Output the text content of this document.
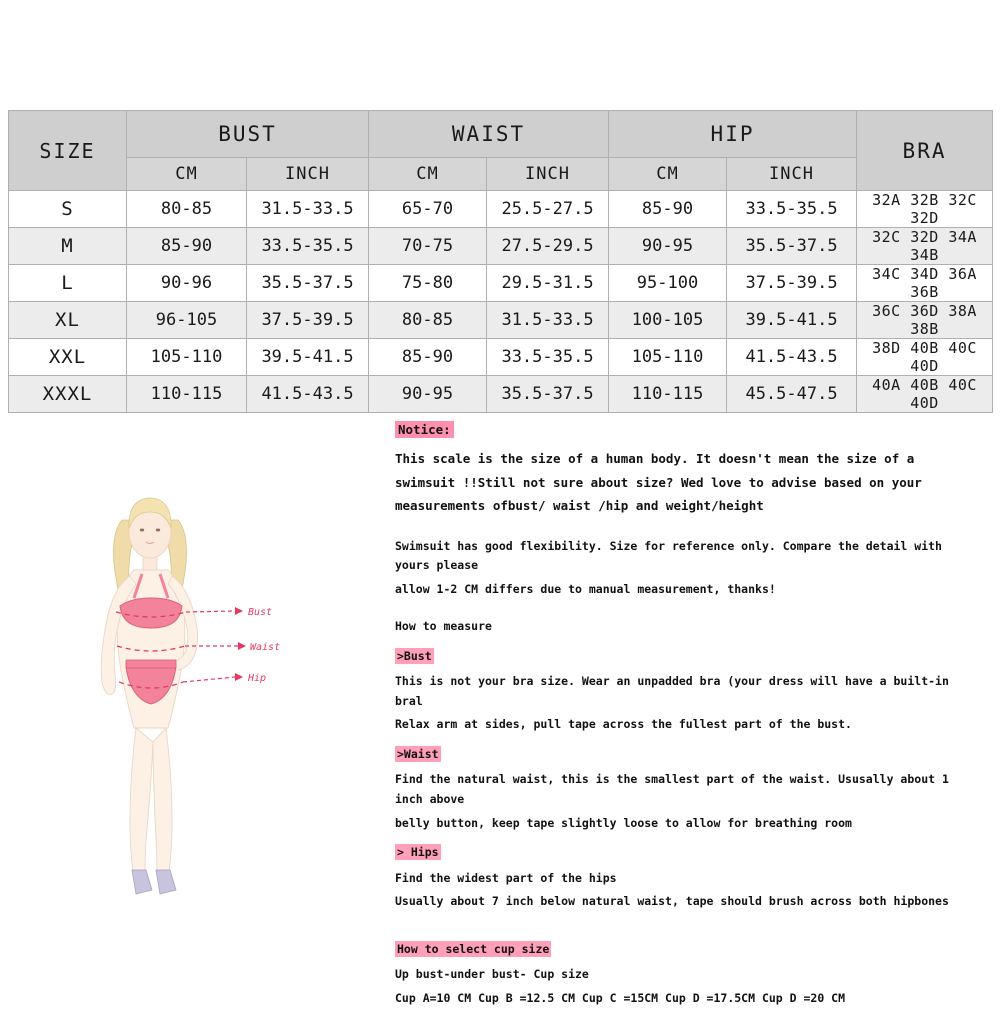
SIZE	BUST		WAIST		HIP		BRA
	CM	INCH	CM	INCH	CM	INCH	
S	80-85	31.5-33.5	65-70	25.5-27.5	85-90	33.5-35.5	32A 32B 32C 32D
M	85-90	33.5-35.5	70-75	27.5-29.5	90-95	35.5-37.5	32C 32D 34A 34B
L	90-96	35.5-37.5	75-80	29.5-31.5	95-100	37.5-39.5	34C 34D 36A 36B
XL	96-105	37.5-39.5	80-85	31.5-33.5	100-105	39.5-41.5	36C 36D 38A 38B
XXL	105-110	39.5-41.5	85-90	33.5-35.5	105-110	41.5-43.5	38D 40B 40C 40D
XXXL	110-115	41.5-43.5	90-95	35.5-37.5	110-115	45.5-47.5	40A 40B 40C 40D
Bust
Waist
Hip

Notice:

This scale is the size of a human body. It doesn't mean the size of a

swimsuit !!Still not sure about size? Wed love to advise based on your

measurements ofbust/ waist /hip and weight/height

Swimsuit has good flexibility. Size for reference only. Compare the detail with yours please

allow 1-2 CM differs due to manual measurement, thanks!

How to measure

>Bust

This is not your bra size. Wear an unpadded bra (your dress will have a built-in bral

Relax arm at sides, pull tape across the fullest part of the bust.

>Waist

Find the natural waist, this is the smallest part of the waist. Ususally about 1 inch above

belly button, keep tape slightly loose to allow for breathing room

> Hips

Find the widest part of the hips

Usually about 7 inch below natural waist, tape should brush across both hipbones

How to select cup size

Up bust-under bust- Cup size

Cup A=10 CM Cup B =12.5 CM Cup C =15CM Cup D =17.5CM Cup D =20 CM
